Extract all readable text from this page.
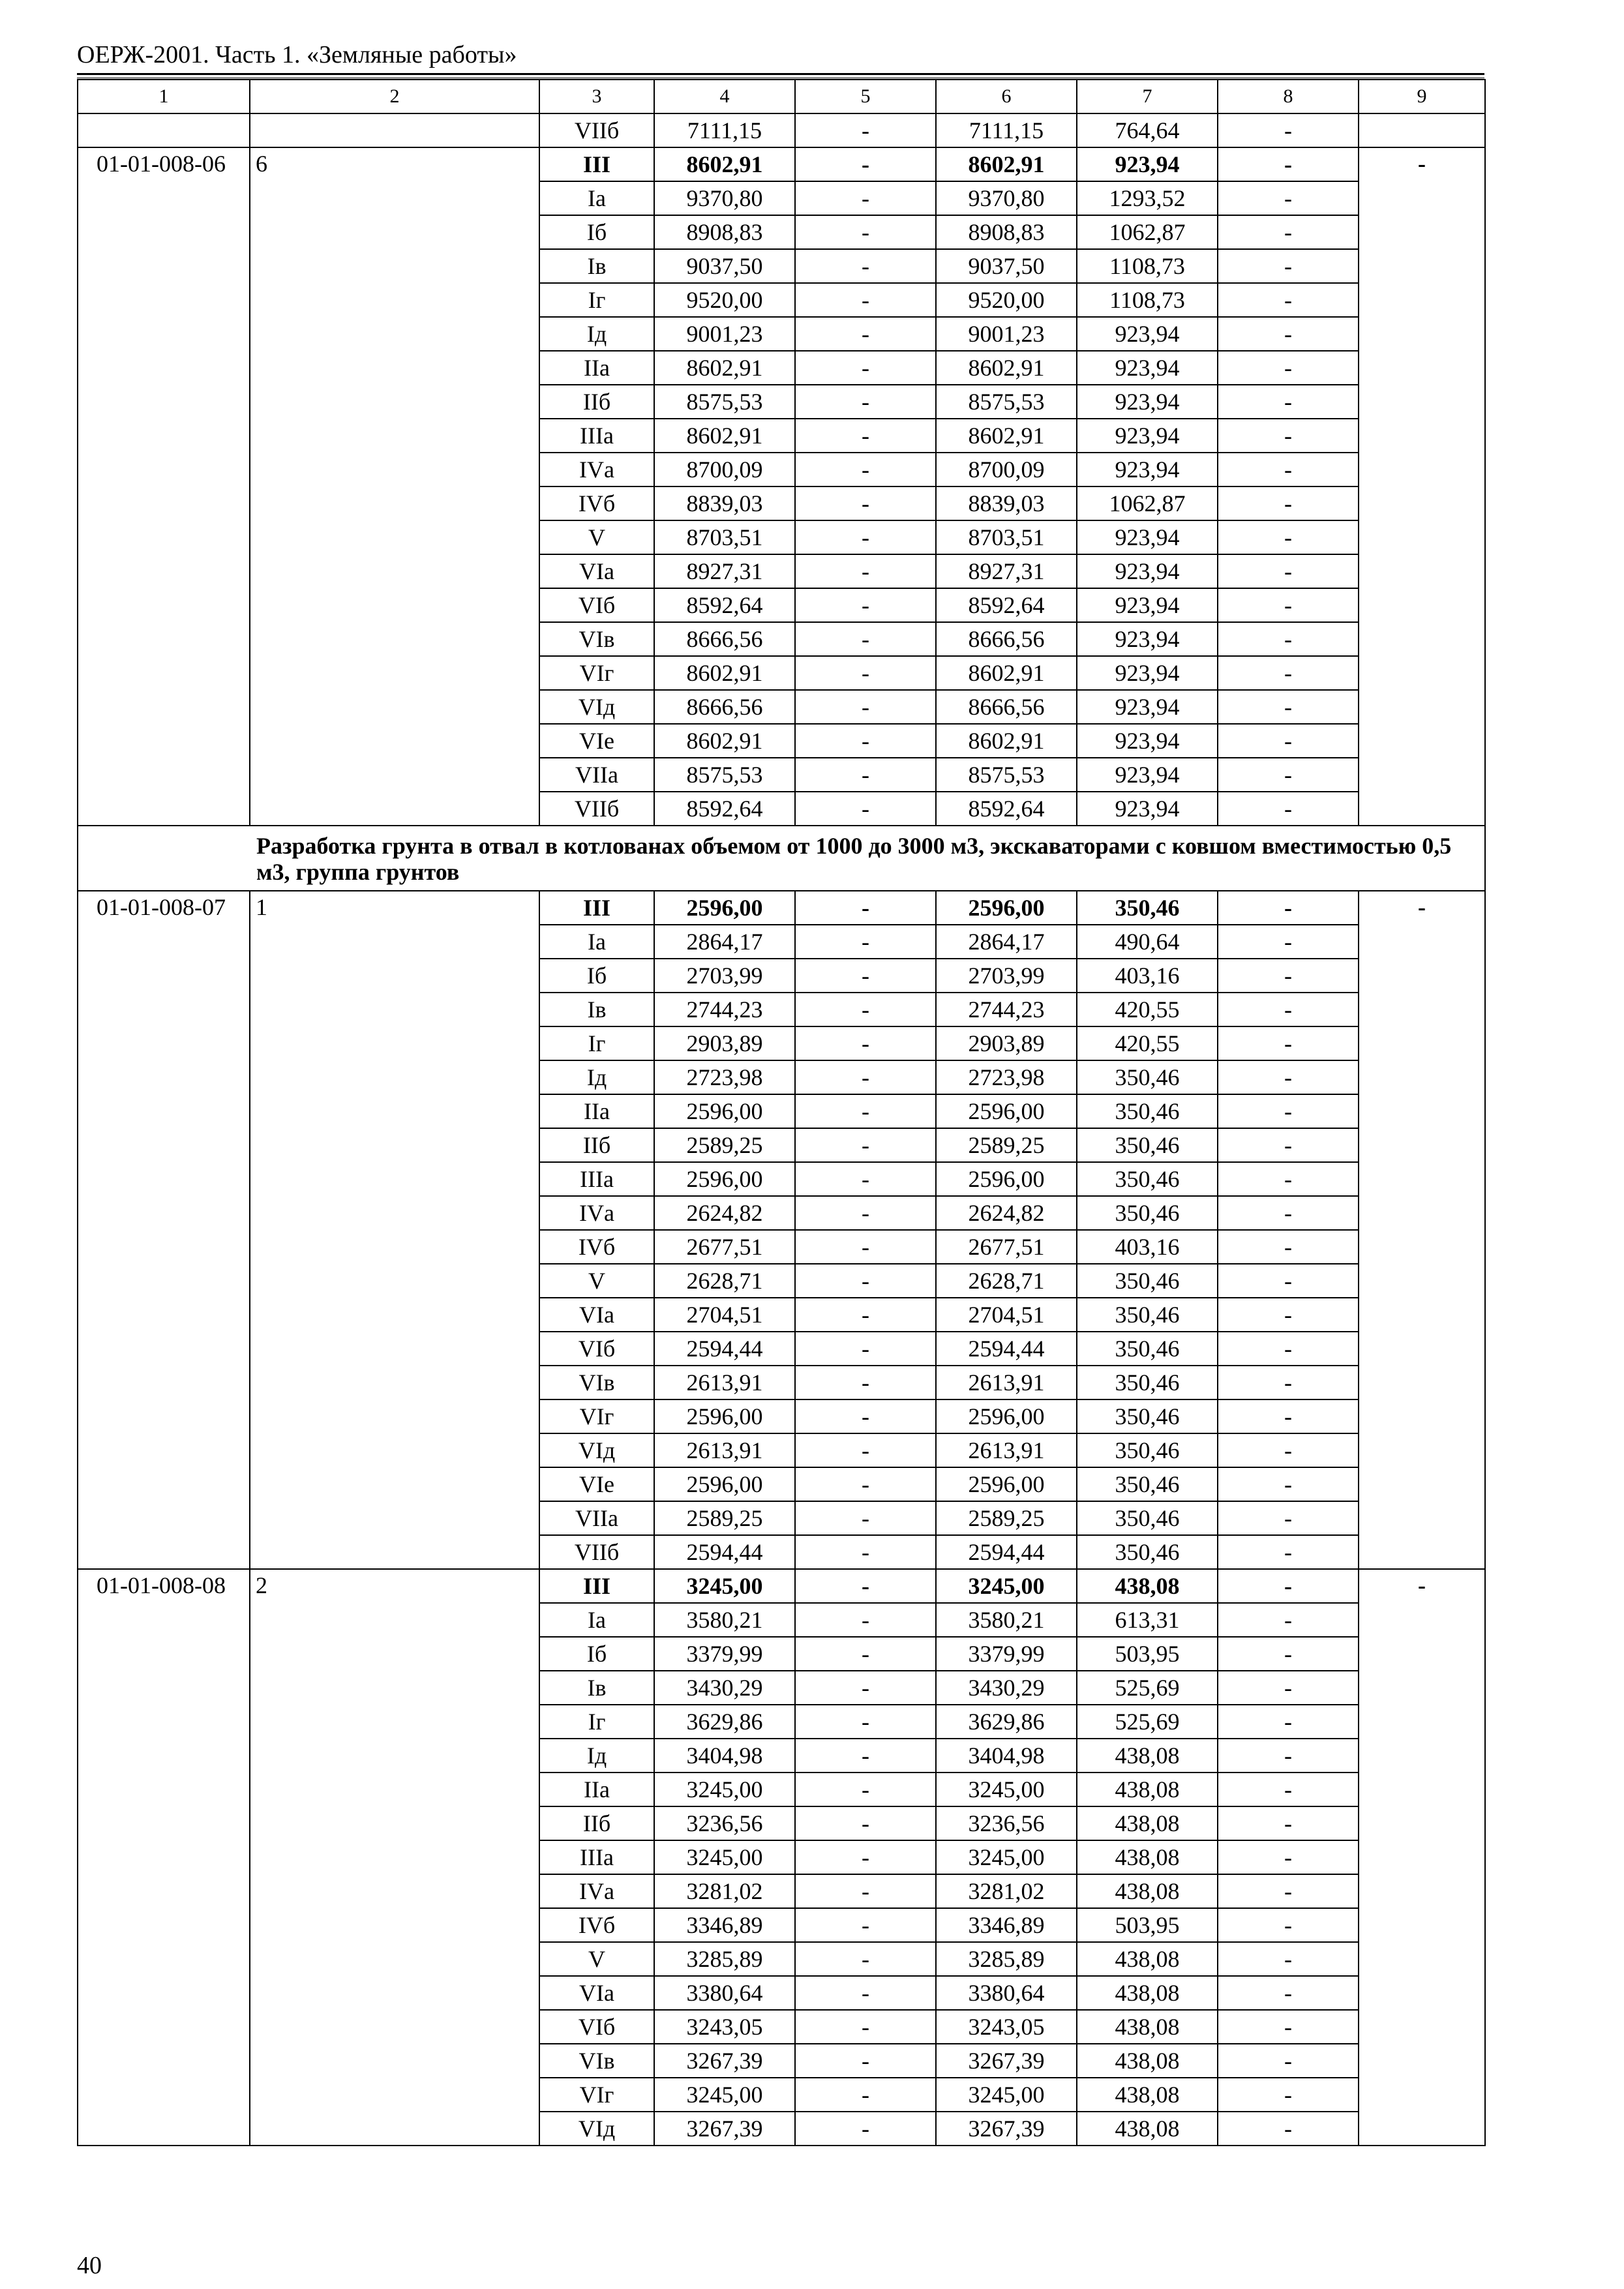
ОЕРЖ-2001. Часть 1. «Земляные работы»
1	2	3	4	5	6	7	8	9
		VIIб	7111,15	-	7111,15	764,64	-	
01-01-008-06	6	III	8602,91	-	8602,91	923,94	-	-
		Iа	9370,80	-	9370,80	1293,52	-	
		Iб	8908,83	-	8908,83	1062,87	-	
		Iв	9037,50	-	9037,50	1108,73	-	
		Iг	9520,00	-	9520,00	1108,73	-	
		Iд	9001,23	-	9001,23	923,94	-	
		IIа	8602,91	-	8602,91	923,94	-	
		IIб	8575,53	-	8575,53	923,94	-	
		IIIа	8602,91	-	8602,91	923,94	-	
		IVа	8700,09	-	8700,09	923,94	-	
		IVб	8839,03	-	8839,03	1062,87	-	
		V	8703,51	-	8703,51	923,94	-	
		VIа	8927,31	-	8927,31	923,94	-	
		VIб	8592,64	-	8592,64	923,94	-	
		VIв	8666,56	-	8666,56	923,94	-	
		VIг	8602,91	-	8602,91	923,94	-	
		VIд	8666,56	-	8666,56	923,94	-	
		VIе	8602,91	-	8602,91	923,94	-	
		VIIа	8575,53	-	8575,53	923,94	-	
		VIIб	8592,64	-	8592,64	923,94	-	
Разработка грунта в отвал в котлованах объемом от 1000 до 3000 м3, экскаваторами с ковшом вместимостью 0,5 м3, группа грунтов								
01-01-008-07	1	III	2596,00	-	2596,00	350,46	-	-
		Iа	2864,17	-	2864,17	490,64	-	
		Iб	2703,99	-	2703,99	403,16	-	
		Iв	2744,23	-	2744,23	420,55	-	
		Iг	2903,89	-	2903,89	420,55	-	
		Iд	2723,98	-	2723,98	350,46	-	
		IIа	2596,00	-	2596,00	350,46	-	
		IIб	2589,25	-	2589,25	350,46	-	
		IIIа	2596,00	-	2596,00	350,46	-	
		IVа	2624,82	-	2624,82	350,46	-	
		IVб	2677,51	-	2677,51	403,16	-	
		V	2628,71	-	2628,71	350,46	-	
		VIа	2704,51	-	2704,51	350,46	-	
		VIб	2594,44	-	2594,44	350,46	-	
		VIв	2613,91	-	2613,91	350,46	-	
		VIг	2596,00	-	2596,00	350,46	-	
		VIд	2613,91	-	2613,91	350,46	-	
		VIе	2596,00	-	2596,00	350,46	-	
		VIIа	2589,25	-	2589,25	350,46	-	
		VIIб	2594,44	-	2594,44	350,46	-	
01-01-008-08	2	III	3245,00	-	3245,00	438,08	-	-
		Iа	3580,21	-	3580,21	613,31	-	
		Iб	3379,99	-	3379,99	503,95	-	
		Iв	3430,29	-	3430,29	525,69	-	
		Iг	3629,86	-	3629,86	525,69	-	
		Iд	3404,98	-	3404,98	438,08	-	
		IIа	3245,00	-	3245,00	438,08	-	
		IIб	3236,56	-	3236,56	438,08	-	
		IIIа	3245,00	-	3245,00	438,08	-	
		IVа	3281,02	-	3281,02	438,08	-	
		IVб	3346,89	-	3346,89	503,95	-	
		V	3285,89	-	3285,89	438,08	-	
		VIа	3380,64	-	3380,64	438,08	-	
		VIб	3243,05	-	3243,05	438,08	-	
		VIв	3267,39	-	3267,39	438,08	-	
		VIг	3245,00	-	3245,00	438,08	-	
		VIд	3267,39	-	3267,39	438,08	-	
40
